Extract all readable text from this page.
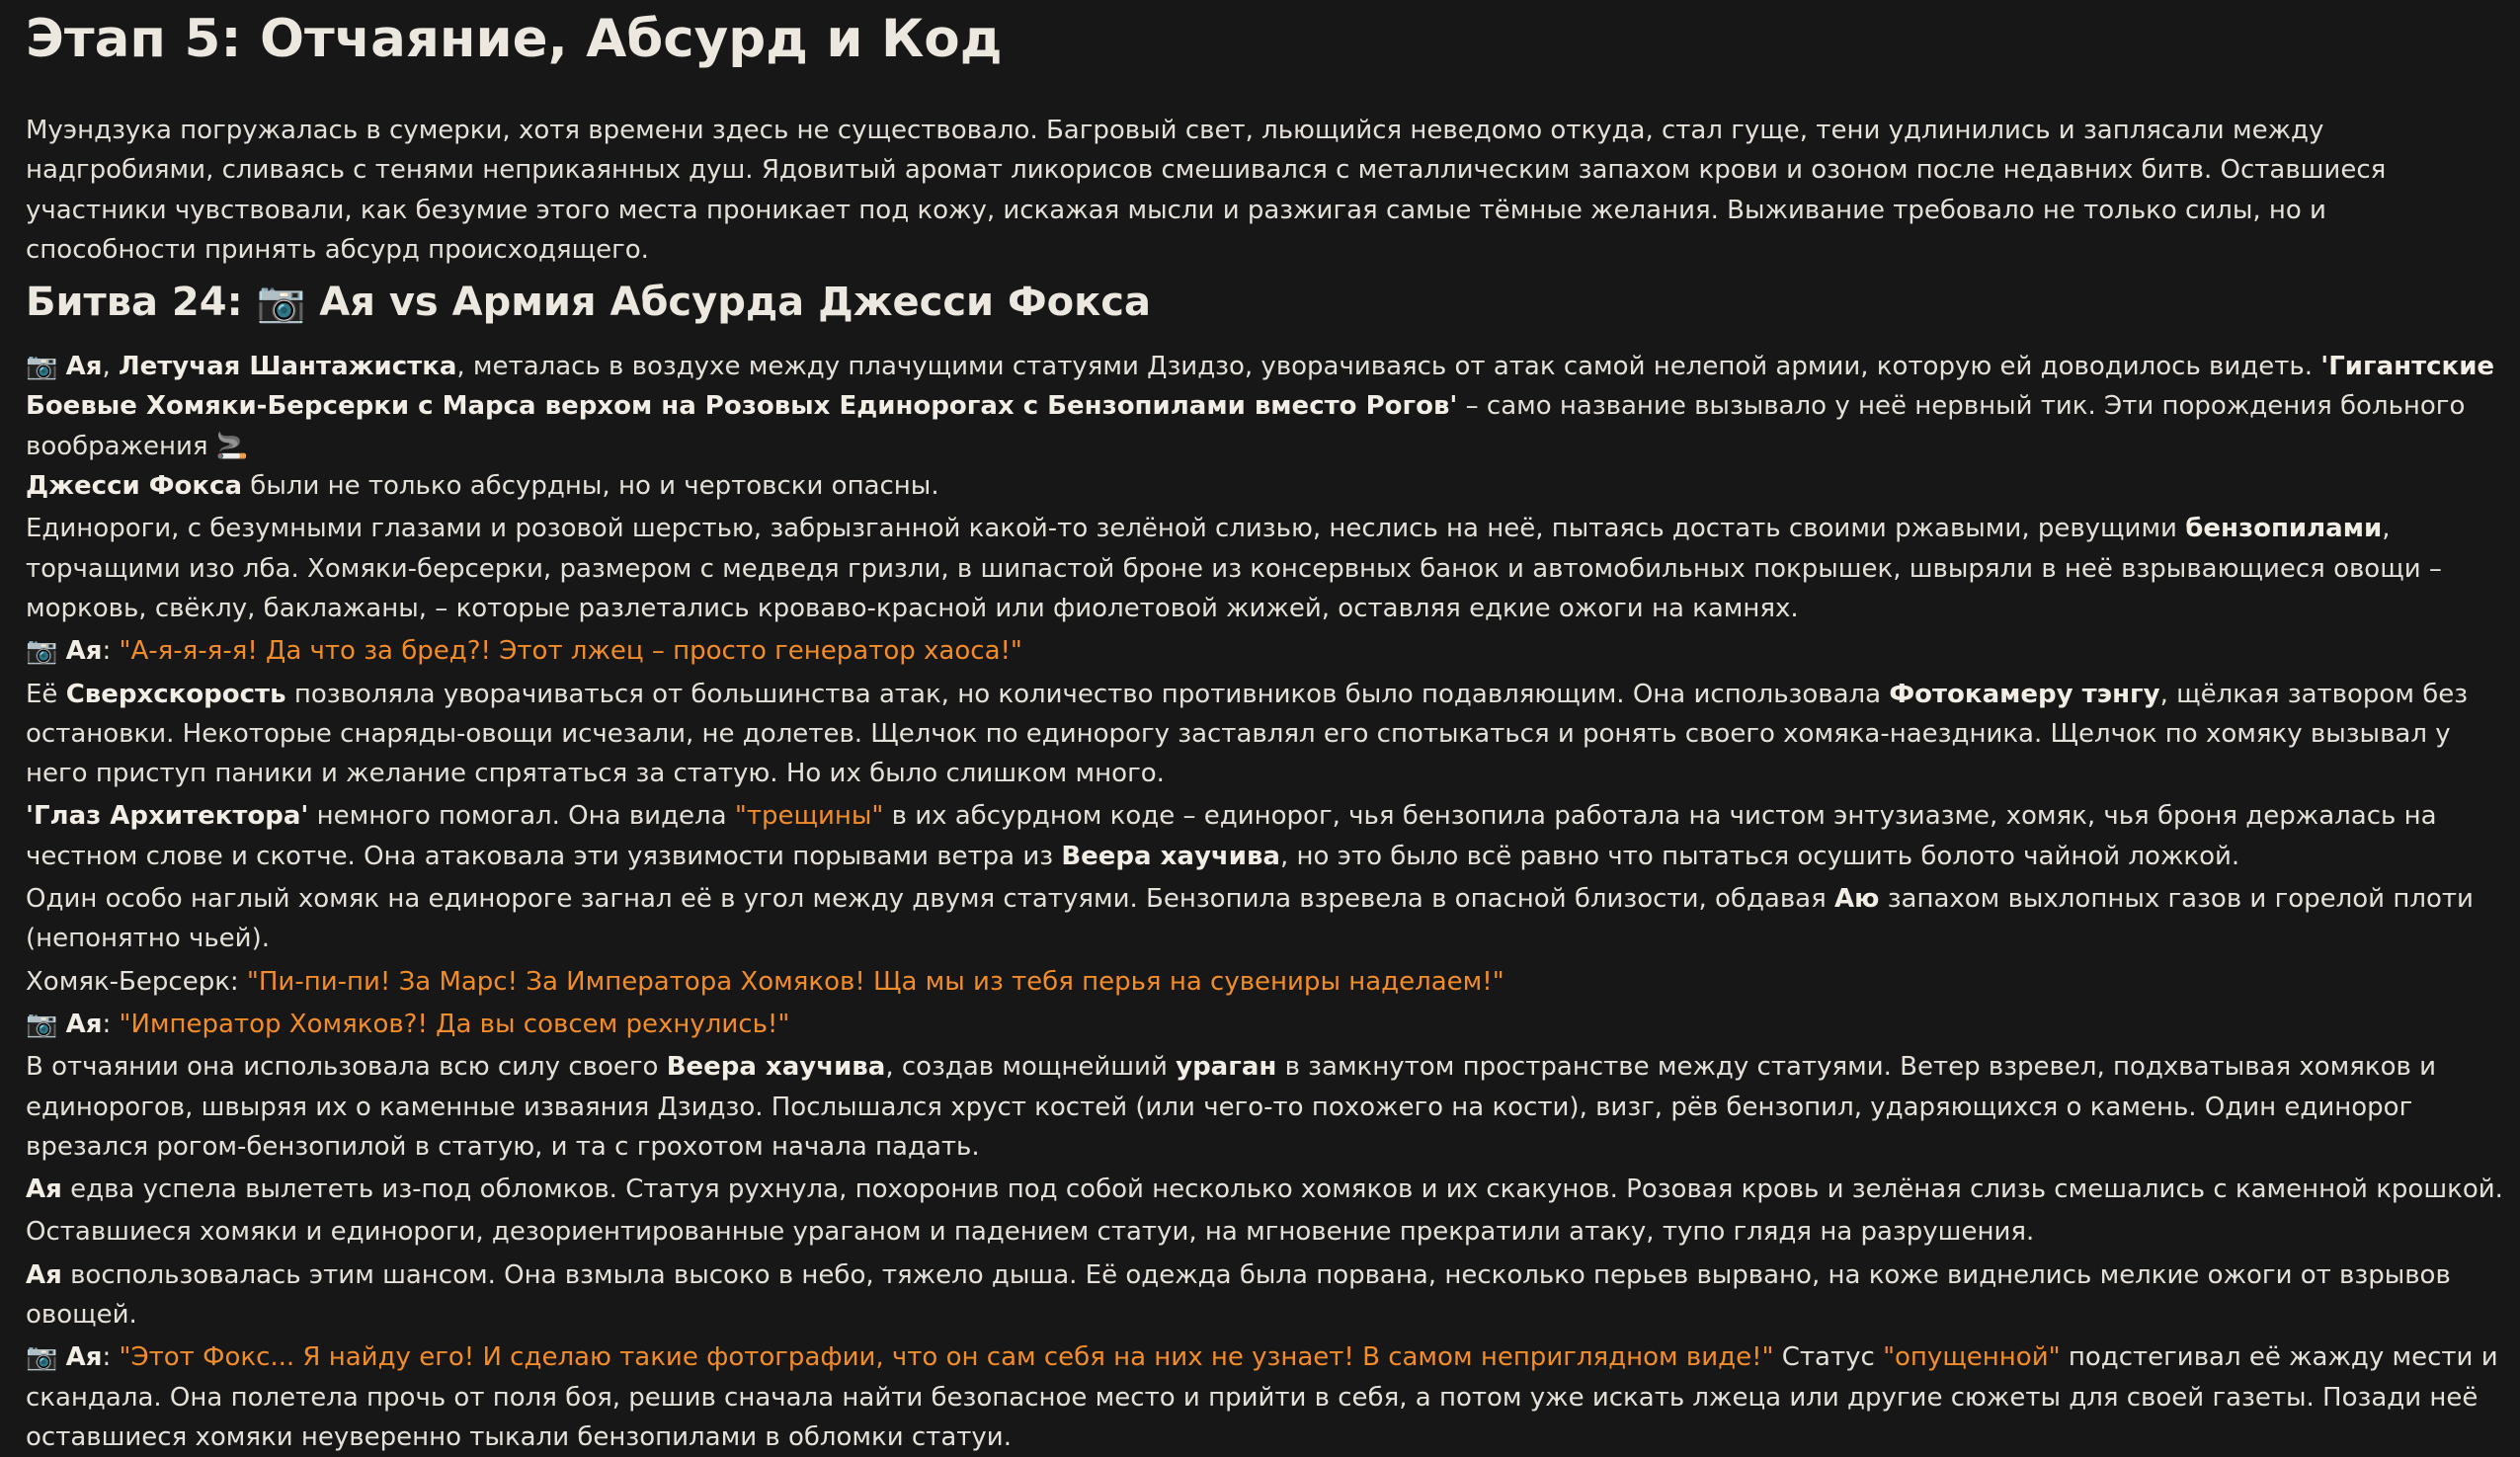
Этап 5: Отчаяние, Абсурд и Код

Муэндзука погружалась в сумерки, хотя времени здесь не существовало. Багровый свет, льющийся неведомо откуда, стал гуще, тени удлинились и заплясали между надгробиями, сливаясь с тенями неприкаянных душ. Ядовитый аромат ликорисов смешивался с металлическим запахом крови и озоном после недавних битв. Оставшиеся участники чувствовали, как безумие этого места проникает под кожу, искажая мысли и разжигая самые тёмные желания. Выживание требовало не только силы, но и способности принять абсурд происходящего.

Битва 24: 📷 Ая vs Армия Абсурда Джесси Фокса

📷 Ая, Летучая Шантажистка, металась в воздухе между плачущими статуями Дзидзо, уворачиваясь от атак самой нелепой армии, которую ей доводилось видеть. 'Гигантские Боевые Хомяки-Берсерки с Марса верхом на Розовых Единорогах с Бензопилами вместо Рогов' – само название вызывало у неё нервный тик. Эти порождения больного воображения 🚬
Джесси Фокса были не только абсурдны, но и чертовски опасны.

Единороги, с безумными глазами и розовой шерстью, забрызганной какой-то зелёной слизью, неслись на неё, пытаясь достать своими ржавыми, ревущими бензопилами, торчащими изо лба. Хомяки-берсерки, размером с медведя гризли, в шипастой броне из консервных банок и автомобильных покрышек, швыряли в неё взрывающиеся овощи – морковь, свёклу, баклажаны, – которые разлетались кроваво-красной или фиолетовой жижей, оставляя едкие ожоги на камнях.

📷 Ая: "А-я-я-я-я! Да что за бред?! Этот лжец – просто генератор хаоса!"

Её Сверхскорость позволяла уворачиваться от большинства атак, но количество противников было подавляющим. Она использовала Фотокамеру тэнгу, щёлкая затвором без остановки. Некоторые снаряды-овощи исчезали, не долетев. Щелчок по единорогу заставлял его спотыкаться и ронять своего хомяка-наездника. Щелчок по хомяку вызывал у него приступ паники и желание спрятаться за статую. Но их было слишком много.

'Глаз Архитектора' немного помогал. Она видела "трещины" в их абсурдном коде – единорог, чья бензопила работала на чистом энтузиазме, хомяк, чья броня держалась на честном слове и скотче. Она атаковала эти уязвимости порывами ветра из Веера хаучива, но это было всё равно что пытаться осушить болото чайной ложкой.

Один особо наглый хомяк на единороге загнал её в угол между двумя статуями. Бензопила взревела в опасной близости, обдавая Аю запахом выхлопных газов и горелой плоти (непонятно чьей).

Хомяк-Берсерк: "Пи-пи-пи! За Марс! За Императора Хомяков! Ща мы из тебя перья на сувениры наделаем!"

📷 Ая: "Император Хомяков?! Да вы совсем рехнулись!"

В отчаянии она использовала всю силу своего Веера хаучива, создав мощнейший ураган в замкнутом пространстве между статуями. Ветер взревел, подхватывая хомяков и единорогов, швыряя их о каменные изваяния Дзидзо. Послышался хруст костей (или чего-то похожего на кости), визг, рёв бензопил, ударяющихся о камень. Один единорог врезался рогом-бензопилой в статую, и та с грохотом начала падать.

Ая едва успела вылететь из-под обломков. Статуя рухнула, похоронив под собой несколько хомяков и их скакунов. Розовая кровь и зелёная слизь смешались с каменной крошкой.

Оставшиеся хомяки и единороги, дезориентированные ураганом и падением статуи, на мгновение прекратили атаку, тупо глядя на разрушения.

Ая воспользовалась этим шансом. Она взмыла высоко в небо, тяжело дыша. Её одежда была порвана, несколько перьев вырвано, на коже виднелись мелкие ожоги от взрывов овощей.

📷 Ая: "Этот Фокс... Я найду его! И сделаю такие фотографии, что он сам себя на них не узнает! В самом неприглядном виде!" Статус "опущенной" подстегивал её жажду мести и скандала. Она полетела прочь от поля боя, решив сначала найти безопасное место и прийти в себя, а потом уже искать лжеца или другие сюжеты для своей газеты. Позади неё оставшиеся хомяки неуверенно тыкали бензопилами в обломки статуи.
